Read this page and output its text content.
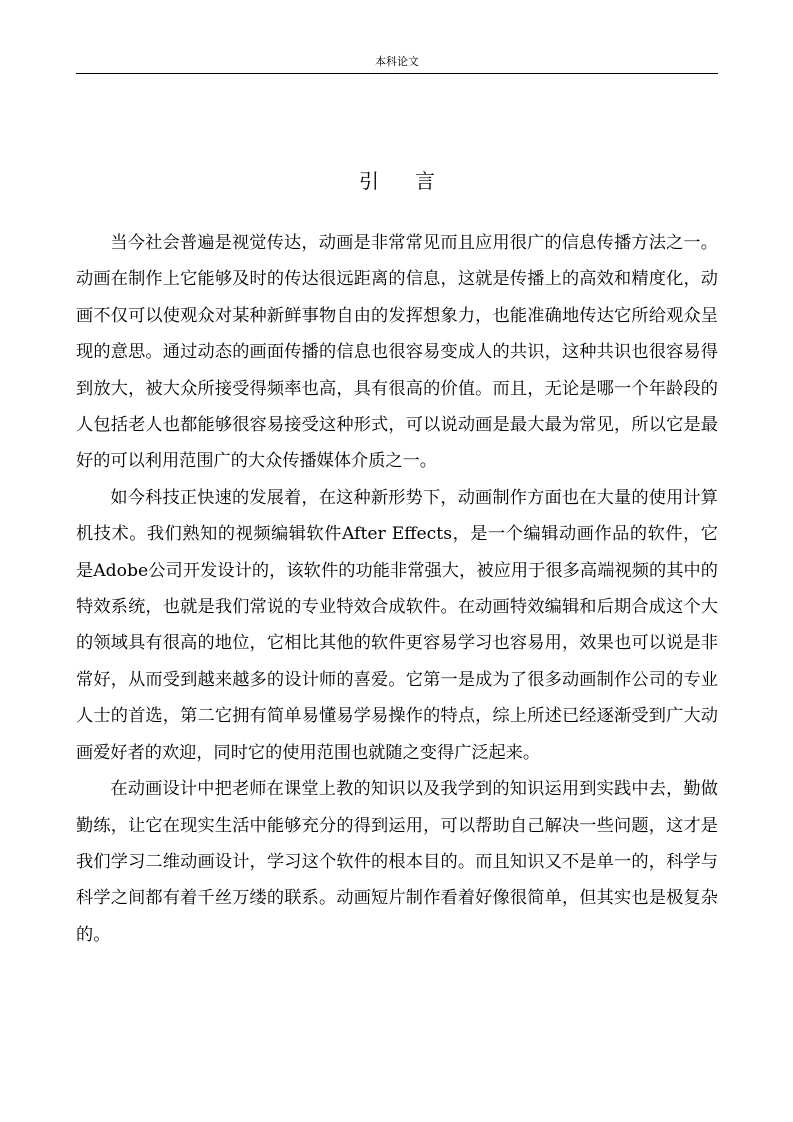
本科论文
引言

当今社会普遍是视觉传达，动画是非常常见而且应用很广的信息传播方法之一。动画在制作上它能够及时的传达很远距离的信息，这就是传播上的高效和精度化，动画不仅可以使观众对某种新鲜事物自由的发挥想象力，也能准确地传达它所给观众呈现的意思。通过动态的画面传播的信息也很容易变成人的共识，这种共识也很容易得到放大，被大众所接受得频率也高，具有很高的价值。而且，无论是哪一个年龄段的人包括老人也都能够很容易接受这种形式，可以说动画是最大最为常见，所以它是最好的可以利用范围广的大众传播媒体介质之一。

如今科技正快速的发展着，在这种新形势下，动画制作方面也在大量的使用计算机技术。我们熟知的视频编辑软件After Effects，是一个编辑动画作品的软件，它是Adobe公司开发设计的，该软件的功能非常强大，被应用于很多高端视频的其中的特效系统，也就是我们常说的专业特效合成软件。在动画特效编辑和后期合成这个大的领域具有很高的地位，它相比其他的软件更容易学习也容易用，效果也可以说是非常好，从而受到越来越多的设计师的喜爱。它第一是成为了很多动画制作公司的专业人士的首选，第二它拥有简单易懂易学易操作的特点，综上所述已经逐渐受到广大动画爱好者的欢迎，同时它的使用范围也就随之变得广泛起来。

在动画设计中把老师在课堂上教的知识以及我学到的知识运用到实践中去，勤做勤练，让它在现实生活中能够充分的得到运用，可以帮助自己解决一些问题，这才是我们学习二维动画设计，学习这个软件的根本目的。而且知识又不是单一的，科学与科学之间都有着千丝万缕的联系。动画短片制作看着好像很简单，但其实也是极复杂的。
